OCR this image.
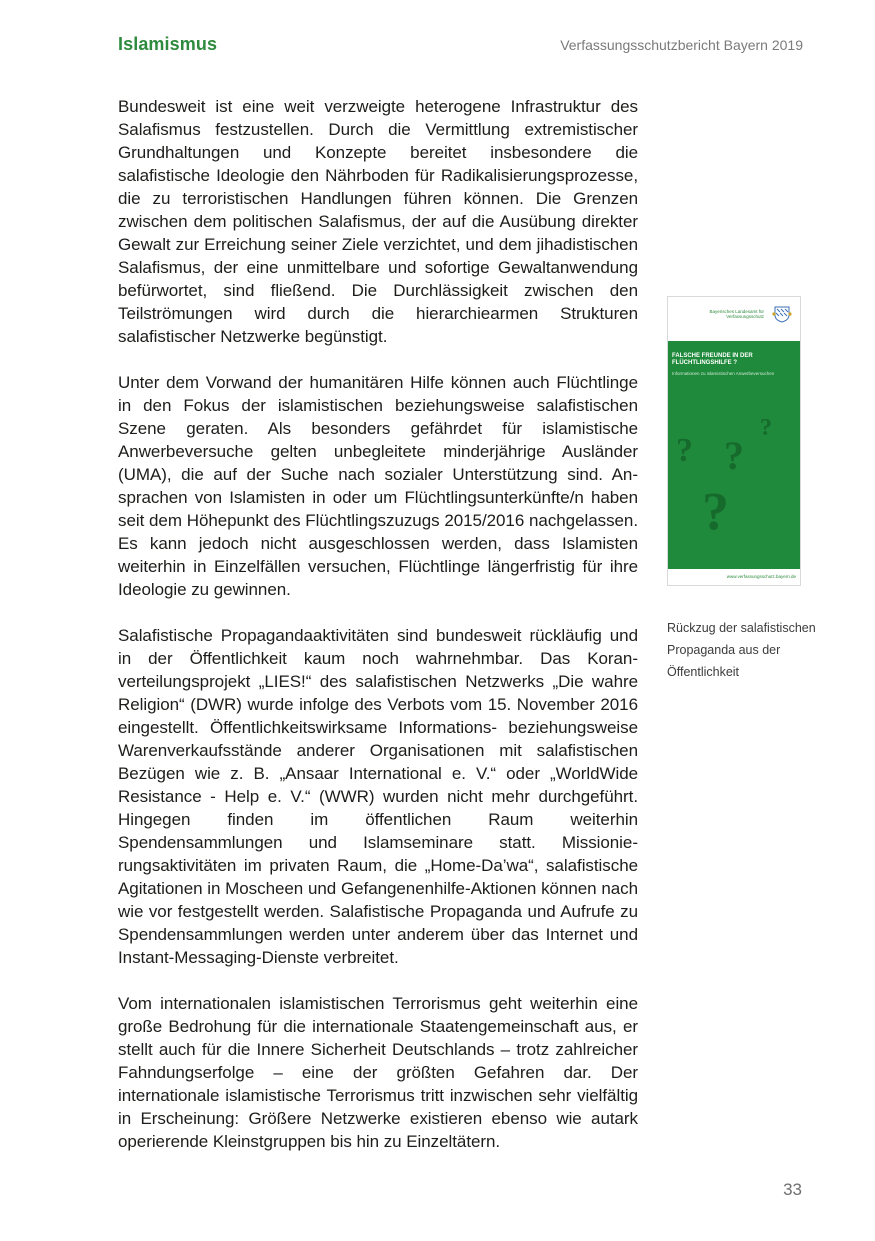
Islamismus	Verfassungsschutzbericht Bayern 2019

Bundesweit ist eine weit verzweigte heterogene Infrastruktur des Salafismus festzustellen. Durch die Vermittlung extremistischer Grundhaltungen und Konzepte bereitet insbesondere die salafistische Ideologie den Nährboden für Radikalisierungsprozesse, die zu terroristischen Handlungen führen können. Die Grenzen zwischen dem politischen Salafismus, der auf die Ausübung direkter Gewalt zur Erreichung seiner Ziele verzichtet, und dem jihadistischen Salafismus, der eine unmittelbare und sofortige Gewaltanwendung befürwortet, sind fließend. Die Durchlässigkeit zwischen den Teilströmungen wird durch die hierarchiearmen Strukturen salafistischer Netzwerke begünstigt.

Unter dem Vorwand der humanitären Hilfe können auch Flüchtlinge in den Fokus der islamistischen beziehungsweise salafistischen Szene geraten. Als besonders gefährdet für islamistische Anwerbeversuche gelten unbegleitete minderjährige Ausländer (UMA), die auf der Suche nach sozialer Unterstützung sind. Ansprachen von Islamisten in oder um Flüchtlingsunterkünfte/n haben seit dem Höhepunkt des Flüchtlingszuzugs 2015/2016 nachgelassen. Es kann jedoch nicht ausgeschlossen werden, dass Islamisten weiterhin in Einzelfällen versuchen, Flüchtlinge längerfristig für ihre Ideologie zu gewinnen.

Salafistische Propagandaaktivitäten sind bundesweit rückläufig und in der Öffentlichkeit kaum noch wahrnehmbar. Das Koranverteilungsprojekt „LIES!“ des salafistischen Netzwerks „Die wahre Religion“ (DWR) wurde infolge des Verbots vom 15. November 2016 eingestellt. Öffentlichkeitswirksame Informations- beziehungsweise Warenverkaufsstände anderer Organisationen mit salafistischen Bezügen wie z. B. „Ansaar International e. V.“ oder „WorldWide Resistance - Help e. V.“ (WWR) wurden nicht mehr durchgeführt. Hingegen finden im öffentlichen Raum weiterhin Spendensammlungen und Islamseminare statt. Missionierungsaktivitäten im privaten Raum, die „Home-Da’wa“, salafistische Agitationen in Moscheen und Gefangenenhilfe-Aktionen können nach wie vor festgestellt werden. Salafistische Propaganda und Aufrufe zu Spendensammlungen werden unter anderem über das Internet und Instant-Messaging-Dienste verbreitet.

Vom internationalen islamistischen Terrorismus geht weiterhin eine große Bedrohung für die internationale Staatengemeinschaft aus, er stellt auch für die Innere Sicherheit Deutschlands – trotz zahlreicher Fahndungserfolge – eine der größten Gefahren dar. Der internationale islamistische Terrorismus tritt inzwischen sehr vielfältig in Erscheinung: Größere Netzwerke existieren ebenso wie autark operierende Kleinstgruppen bis hin zu Einzeltätern.

Bayerisches Landesamt für Verfassungsschutz
FALSCHE FREUNDE IN DER FLÜCHTLINGSHILFE ?
Informationen zu islamistischen Anwerbeversuchen
? ?
?
?
www.verfassungsschutz.bayern.de
Rückzug der salafistischen Propaganda aus der Öffentlichkeit
33
